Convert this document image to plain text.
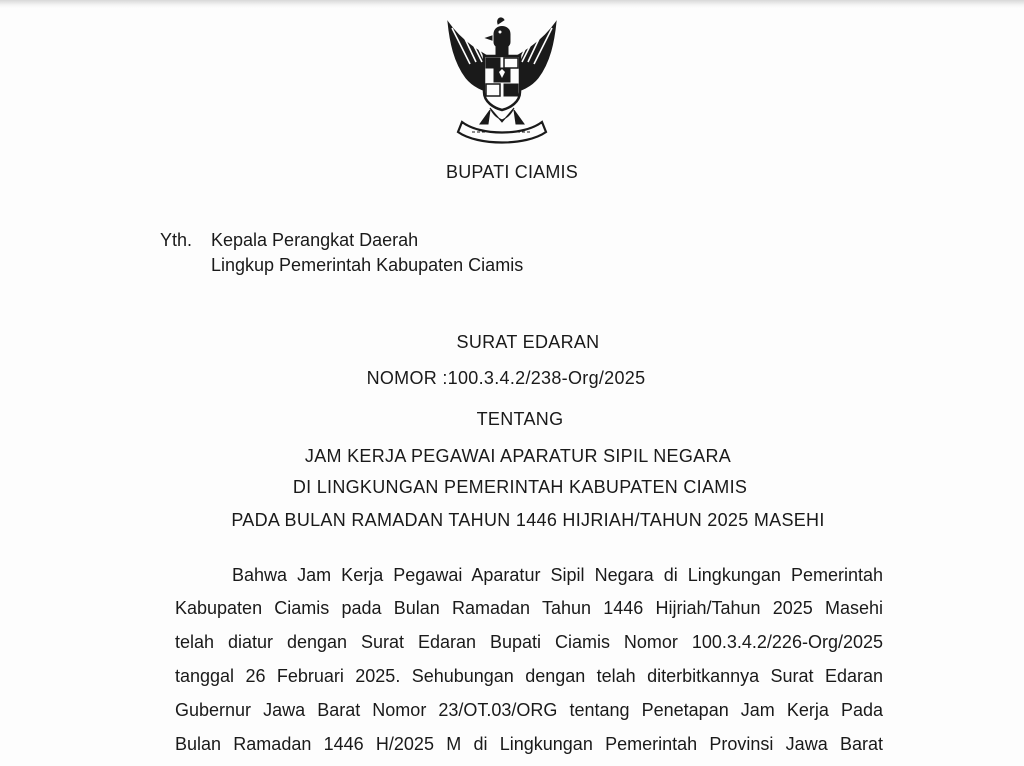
BUPATI CIAMIS
Yth. Kepala Perangkat Daerah
Lingkup Pemerintah Kabupaten Ciamis
SURAT EDARAN
NOMOR :100.3.4.2/238-Org/2025
TENTANG
JAM KERJA PEGAWAI APARATUR SIPIL NEGARA
DI LINGKUNGAN PEMERINTAH KABUPATEN CIAMIS
PADA BULAN RAMADAN TAHUN 1446 HIJRIAH/TAHUN 2025 MASEHI
Bahwa Jam Kerja Pegawai Aparatur Sipil Negara di Lingkungan Pemerintah
Kabupaten Ciamis pada Bulan Ramadan Tahun 1446 Hijriah/Tahun 2025 Masehi
telah diatur dengan Surat Edaran Bupati Ciamis Nomor 100.3.4.2/226-Org/2025
tanggal 26 Februari 2025. Sehubungan dengan telah diterbitkannya Surat Edaran
Gubernur Jawa Barat Nomor 23/OT.03/ORG tentang Penetapan Jam Kerja Pada
Bulan Ramadan 1446 H/2025 M di Lingkungan Pemerintah Provinsi Jawa Barat
